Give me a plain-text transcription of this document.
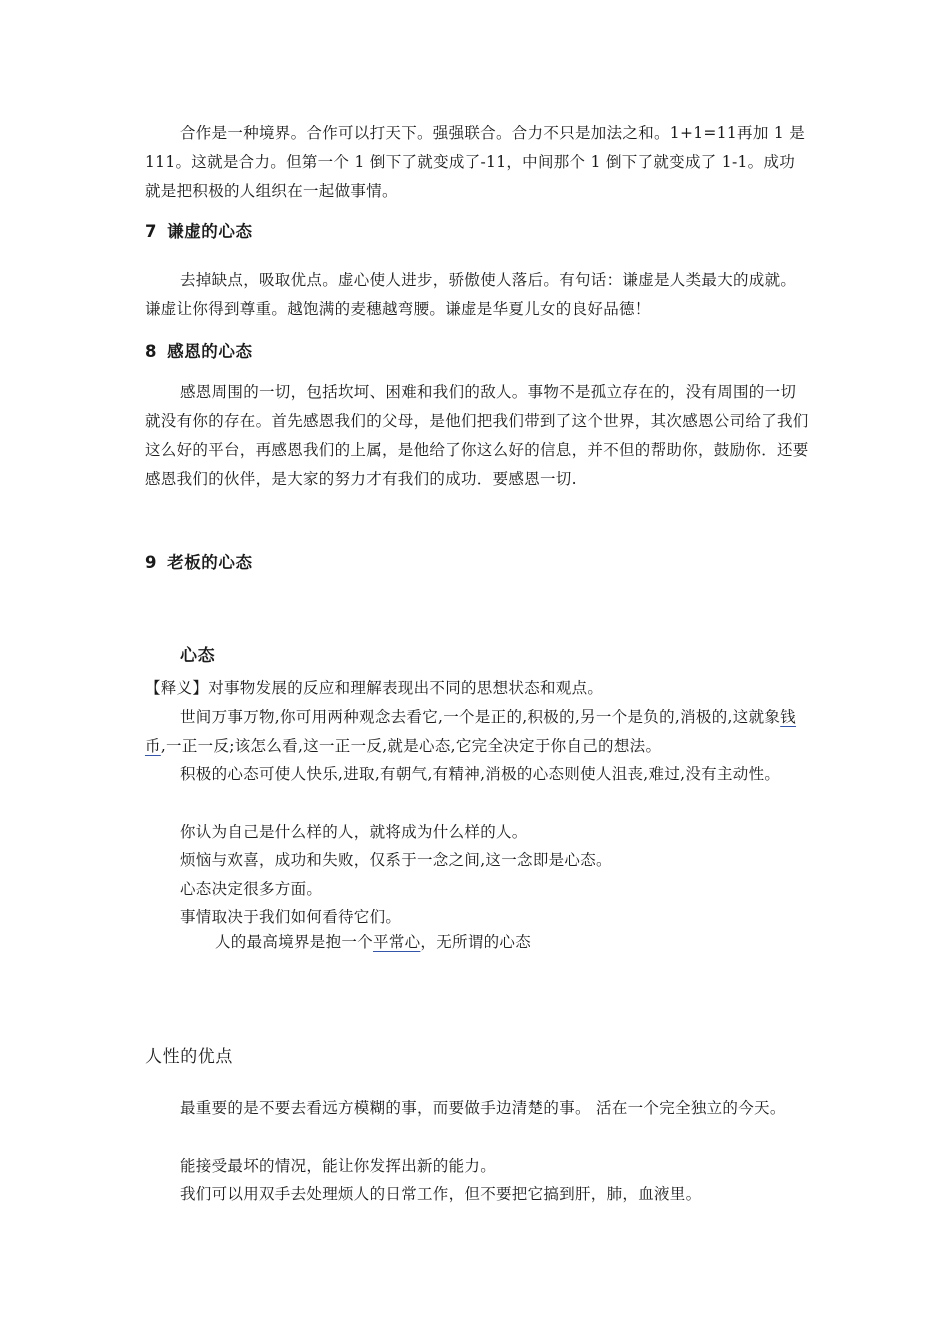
合作是一种境界。合作可以打天下。强强联合。合力不只是加法之和。1+1=11再加 1 是 111。这就是合力。但第一个 1 倒下了就变成了-11，中间那个 1 倒下了就变成了 1-1。成功就是把积极的人组织在一起做事情。

7 谦虚的心态

去掉缺点，吸取优点。虚心使人进步，骄傲使人落后。有句话：谦虚是人类最大的成就。谦虚让你得到尊重。越饱满的麦穗越弯腰。谦虚是华夏儿女的良好品德！

8 感恩的心态

感恩周围的一切，包括坎坷、困难和我们的敌人。事物不是孤立存在的，没有周围的一切就没有你的存在。首先感恩我们的父母，是他们把我们带到了这个世界，其次感恩公司给了我们这么好的平台，再感恩我们的上属，是他给了你这么好的信息，并不但的帮助你，鼓励你．还要感恩我们的伙伴，是大家的努力才有我们的成功．要感恩一切.

9 老板的心态
心态

【释义】对事物发展的反应和理解表现出不同的思想状态和观点。

世间万事万物,你可用两种观念去看它,一个是正的,积极的,另一个是负的,消极的,这就象钱币,一正一反;该怎么看,这一正一反,就是心态,它完全决定于你自己的想法。

积极的心态可使人快乐,进取,有朝气,有精神,消极的心态则使人沮丧,难过,没有主动性。

你认为自己是什么样的人，就将成为什么样的人。

烦恼与欢喜，成功和失败，仅系于一念之间,这一念即是心态。

心态决定很多方面。

事情取决于我们如何看待它们。

人的最高境界是抱一个平常心，无所谓的心态

人性的优点

最重要的是不要去看远方模糊的事，而要做手边清楚的事。 活在一个完全独立的今天。

能接受最坏的情况，能让你发挥出新的能力。

我们可以用双手去处理烦人的日常工作，但不要把它搞到肝，肺，血液里。
